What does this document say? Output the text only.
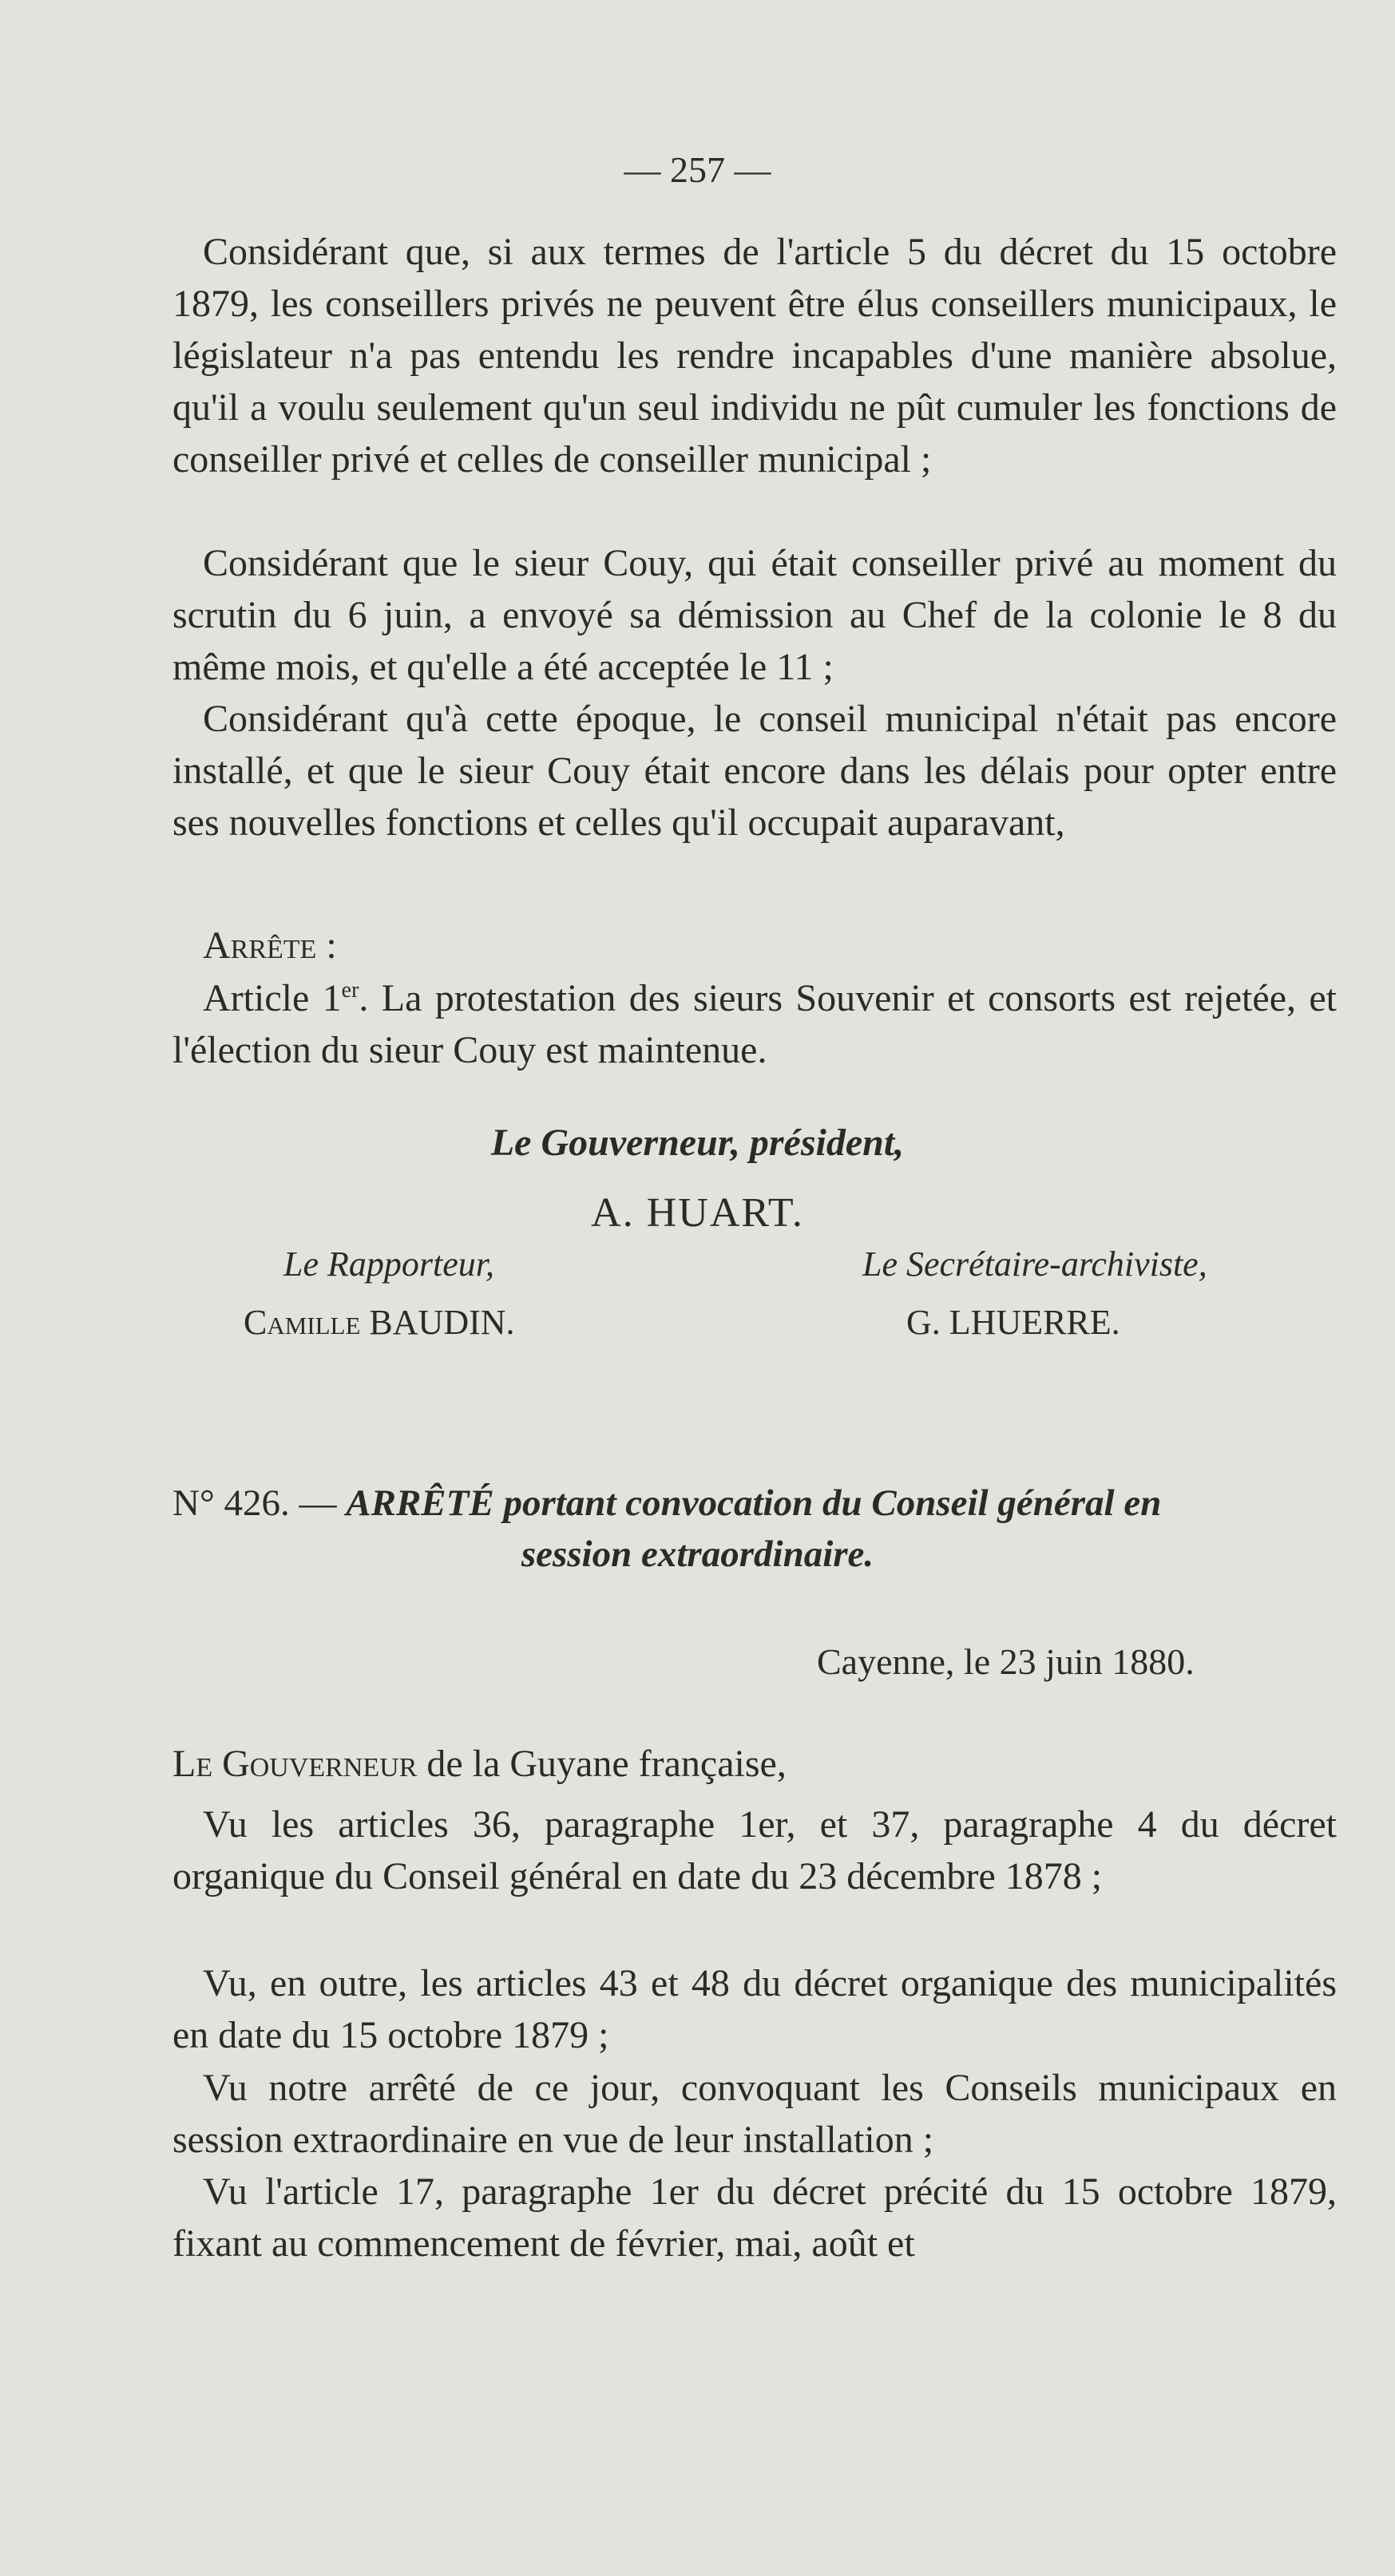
— 257 —

Considérant que, si aux termes de l'article 5 du décret du 15 octobre 1879, les conseillers privés ne peuvent être élus conseillers municipaux, le législateur n'a pas entendu les rendre incapables d'une manière absolue, qu'il a voulu seulement qu'un seul individu ne pût cumuler les fonctions de conseiller privé et celles de conseiller municipal ;

Considérant que le sieur Couy, qui était conseiller privé au moment du scrutin du 6 juin, a envoyé sa démission au Chef de la colonie le 8 du même mois, et qu'elle a été acceptée le 11 ;

Considérant qu'à cette époque, le conseil municipal n'était pas encore installé, et que le sieur Couy était encore dans les délais pour opter entre ses nouvelles fonctions et celles qu'il occupait auparavant,

Arrête :

Article 1er. La protestation des sieurs Souvenir et consorts est rejetée, et l'élection du sieur Couy est maintenue.

Le Gouverneur, président,

A. HUART.

Le Rapporteur,	Le Secrétaire-archiviste,

Camille BAUDIN.	G. LHUERRE.

N° 426. — ARRÊTÉ portant convocation du Conseil général en

session extraordinaire.

Cayenne, le 23 juin 1880.

Le Gouverneur de la Guyane française,

Vu les articles 36, paragraphe 1er, et 37, paragraphe 4 du décret organique du Conseil général en date du 23 décembre 1878 ;

Vu, en outre, les articles 43 et 48 du décret organique des municipalités en date du 15 octobre 1879 ;

Vu notre arrêté de ce jour, convoquant les Conseils municipaux en session extraordinaire en vue de leur installation ;

Vu l'article 17, paragraphe 1er du décret précité du 15 octobre 1879, fixant au commencement de février, mai, août et
